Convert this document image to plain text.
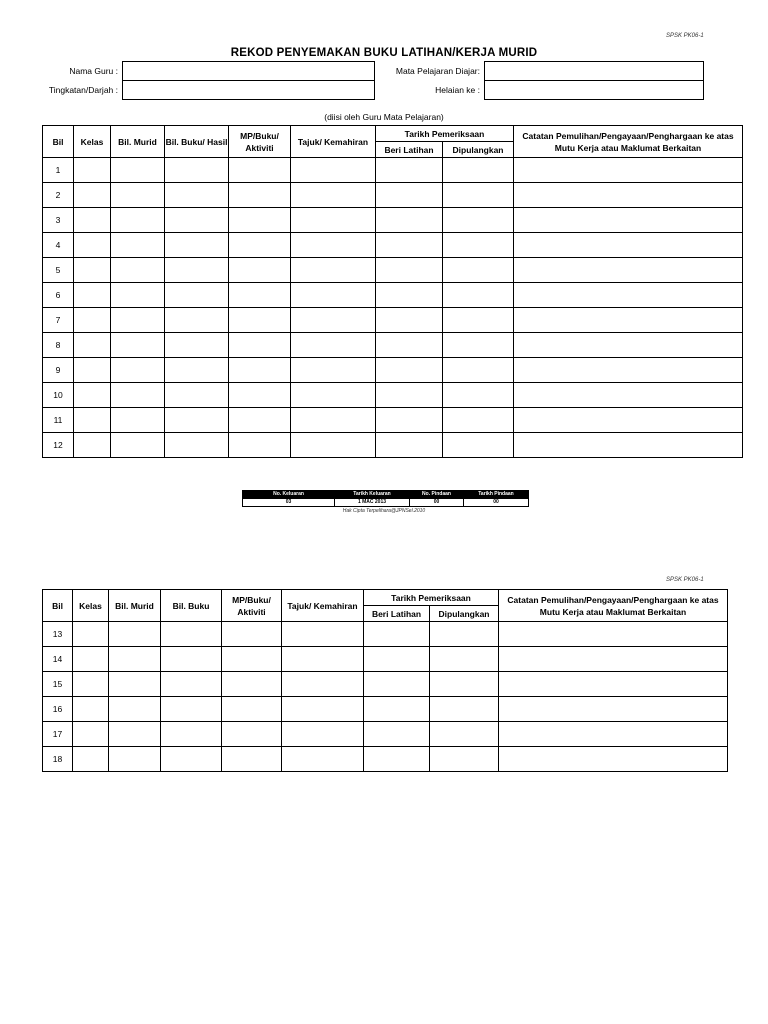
SPSK PK06-1
REKOD PENYEMAKAN BUKU LATIHAN/KERJA MURID
Nama Guru :	Mata Pelajaran Diajar:
Tingkatan/Darjah :	Helaian ke :
(diisi oleh Guru Mata Pelajaran)
Bil	Kelas	Bil. Murid	Bil. Buku/ Hasil	MP/Buku/ Aktiviti	Tajuk/ Kemahiran	Tarikh Pemeriksaan		Catatan Pemulihan/Pengayaan/Penghargaan ke atas Mutu Kerja atau Maklumat Berkaitan
						Beri Latihan	Dipulangkan	
1								
2								
3								
4								
5								
6								
7								
8								
9								
10								
11								
12								
No. Keluaran	Tarikh Keluaran	No. Pindaan	Tarikh Pindaan
03	1 MAC 2013	00	00
Hak Cipta Terpelihara@JPNSel.2010
SPSK PK06-1
Bil	Kelas	Bil. Murid	Bil. Buku	MP/Buku/ Aktiviti	Tajuk/ Kemahiran	Tarikh Pemeriksaan		Catatan Pemulihan/Pengayaan/Penghargaan ke atas Mutu Kerja atau Maklumat Berkaitan
						Beri Latihan	Dipulangkan	
13								
14								
15								
16								
17								
18								
